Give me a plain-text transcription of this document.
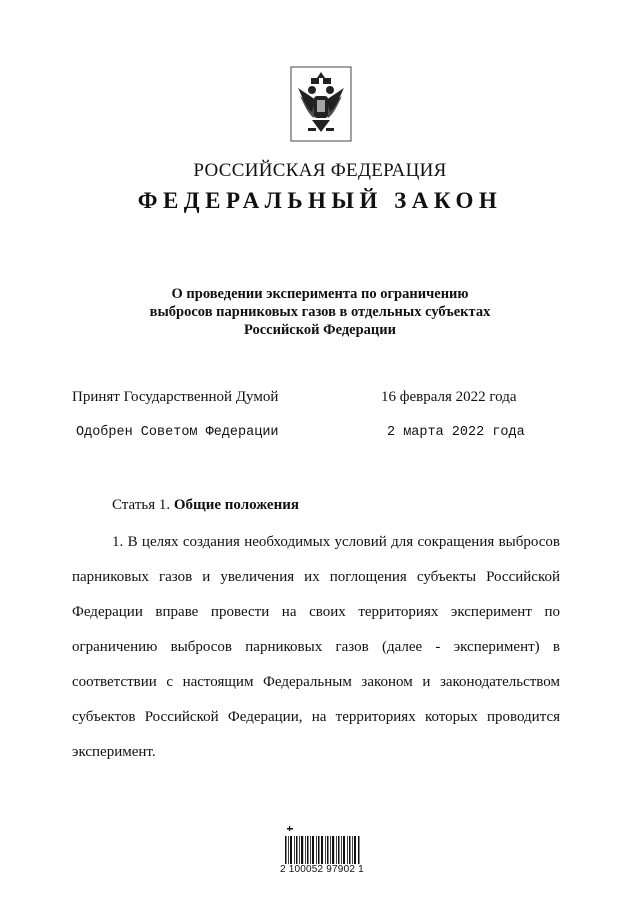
РОССИЙСКАЯ ФЕДЕРАЦИЯ
ФЕДЕРАЛЬНЫЙ ЗАКОН
О проведении эксперимента по ограничению
выбросов парниковых газов в отдельных субъектах
Российской Федерации
Принят Государственной Думой	16 февраля 2022 года
Одобрен Советом Федерации	2 марта 2022 года
Статья 1. Общие положения

1. В целях создания необходимых условий для сокращения выбросов парниковых газов и увеличения их поглощения субъекты Российской Федерации вправе провести на своих территориях эксперимент по ограничению выбросов парниковых газов (далее - эксперимент) в соответствии с настоящим Федеральным законом и законодательством субъектов Российской Федерации, на территориях которых проводится эксперимент.

2 100052 97902 1
